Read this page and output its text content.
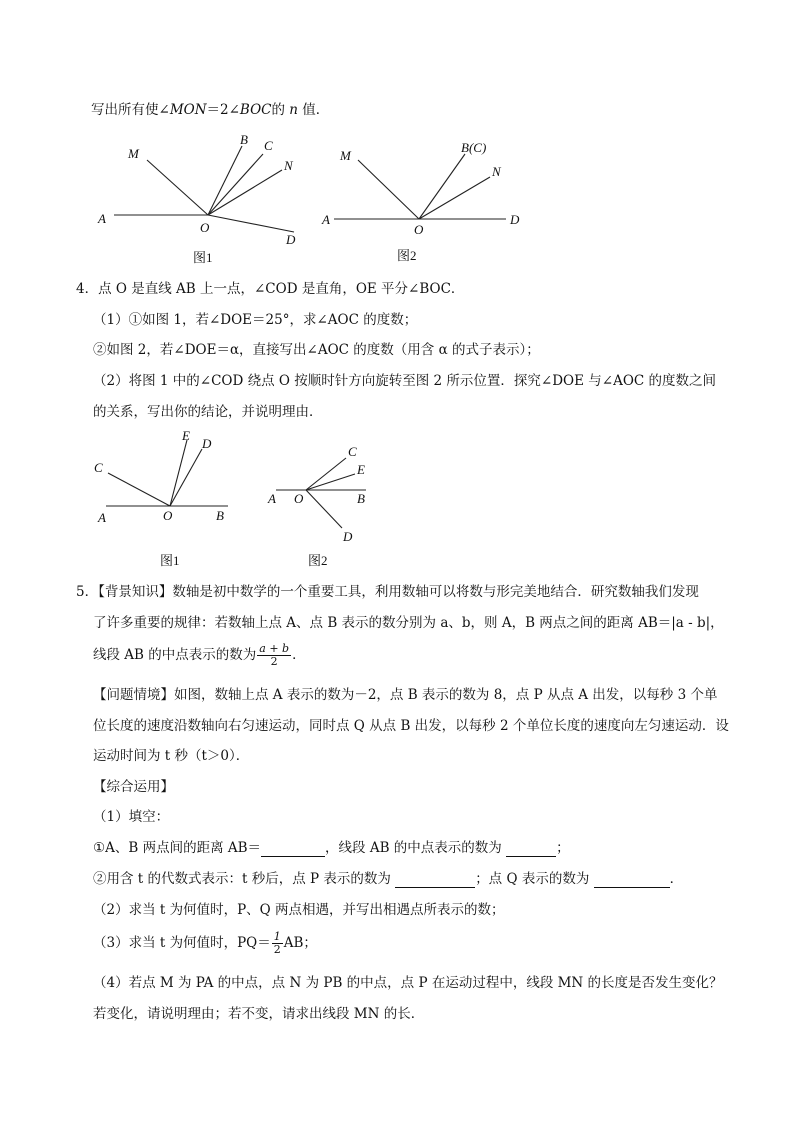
写出所有使∠MON＝2∠BOC的 n 值．
M
B C
N
A
O
D
图1
M
B(C)
N
A
O
D
图2
4．点 O 是直线 AB 上一点，∠COD 是直角，OE 平分∠BOC．
（1）①如图 1，若∠DOE＝25°，求∠AOC 的度数；
②如图 2，若∠DOE＝α，直接写出∠AOC 的度数（用含 α 的式子表示）；
（2）将图 1 中的∠COD 绕点 O 按顺时针方向旋转至图 2 所示位置．探究∠DOE 与∠AOC 的度数之间
的关系，写出你的结论，并说明理由．
C
E
D
A	O	B
图1
C
E
A O	B
D
图2
5．【背景知识】数轴是初中数学的一个重要工具，利用数轴可以将数与形完美地结合．研究数轴我们发现
了许多重要的规律：若数轴上点 A、点 B 表示的数分别为 a、b，则 A，B 两点之间的距离 AB＝|a - b|，
线段 AB 的中点表示的数为 $\frac{a + b}{2}$ ．
【问题情境】如图，数轴上点 A 表示的数为－2，点 B 表示的数为 8，点 P 从点 A 出发，以每秒 3 个单
位长度的速度沿数轴向右匀速运动，同时点 Q 从点 B 出发，以每秒 2 个单位长度的速度向左匀速运动．设
运动时间为 t 秒（t＞0）．
【综合运用】
（1）填空：
①A、B 两点间的距离 AB＝	，线段 AB 的中点表示的数为	；
②用含 t 的代数式表示：t 秒后，点 P 表示的数为	；点 Q 表示的数为	．
（2）求当 t 为何值时，P、Q 两点相遇，并写出相遇点所表示的数；
（3）求当 t 为何值时，$PQ= \frac{1}{2}$ AB；
（4）若点 M 为 PA 的中点，点 N 为 PB 的中点，点 P 在运动过程中，线段 MN 的长度是否发生变化？
若变化，请说明理由；若不变，请求出线段 MN 的长．
